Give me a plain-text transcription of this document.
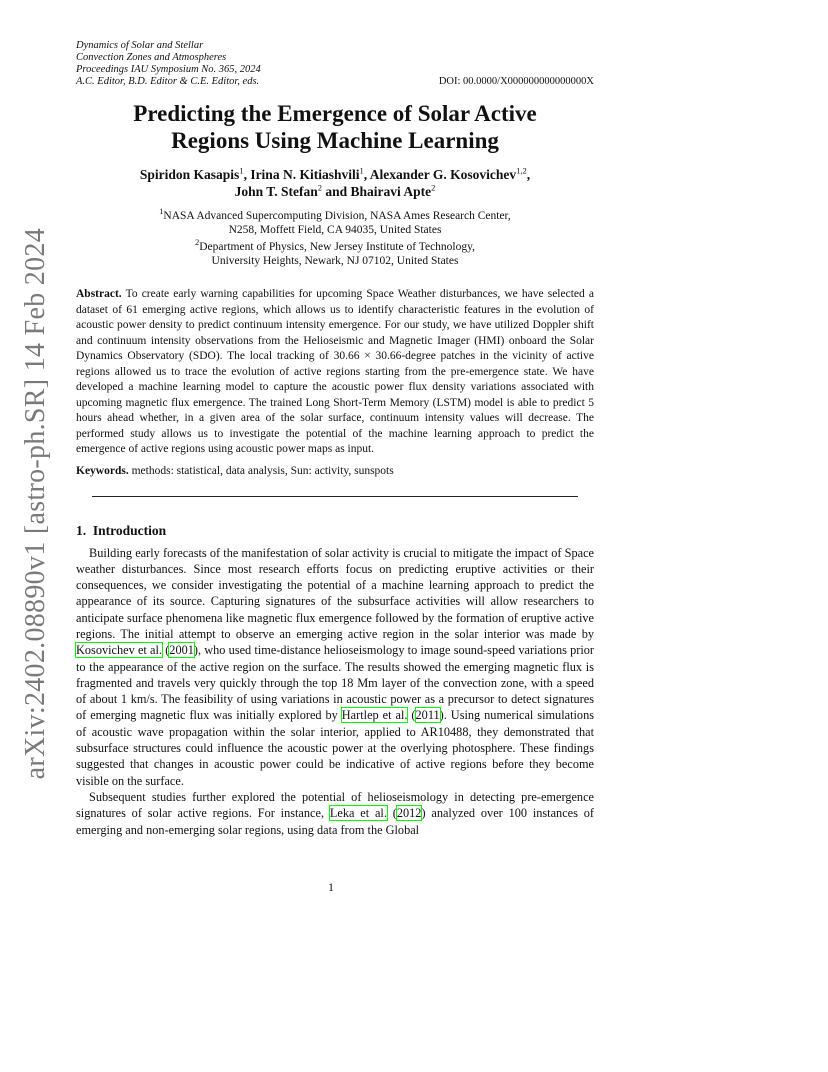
arXiv:2402.08890v1 [astro-ph.SR] 14 Feb 2024
Dynamics of Solar and Stellar
Convection Zones and Atmospheres
Proceedings IAU Symposium No. 365, 2024
A.C. Editor, B.D. Editor & C.E. Editor, eds.	DOI: 00.0000/X000000000000000X
Predicting the Emergence of Solar Active
Regions Using Machine Learning
Spiridon Kasapis$^1$, Irina N. Kitiashvili$^1$, Alexander G. Kosovichev$^{1,2}$,
John T. Stefan$^2$ and Bhairavi Apte$^2$
$^1$NASA Advanced Supercomputing Division, NASA Ames Research Center,
N258, Moffett Field, CA 94035, United States
$^2$Department of Physics, New Jersey Institute of Technology,
University Heights, Newark, NJ 07102, United States
Abstract. To create early warning capabilities for upcoming Space Weather disturbances, we have selected a dataset of 61 emerging active regions, which allows us to identify characteristic features in the evolution of acoustic power density to predict continuum intensity emergence. For our study, we have utilized Doppler shift and continuum intensity observations from the Helioseismic and Magnetic Imager (HMI) onboard the Solar Dynamics Observatory (SDO). The local tracking of 30.66 × 30.66-degree patches in the vicinity of active regions allowed us to trace the evolution of active regions starting from the pre-emergence state. We have developed a machine learning model to capture the acoustic power flux density variations associated with upcoming magnetic flux emergence. The trained Long Short-Term Memory (LSTM) model is able to predict 5 hours ahead whether, in a given area of the solar surface, continuum intensity values will decrease. The performed study allows us to investigate the potential of the machine learning approach to predict the emergence of active regions using acoustic power maps as input.
Keywords. methods: statistical, data analysis, Sun: activity, sunspots
1. Introduction

Building early forecasts of the manifestation of solar activity is crucial to mitigate the impact of Space weather disturbances. Since most research efforts focus on predicting eruptive activities or their consequences, we consider investigating the potential of a machine learning approach to predict the appearance of its source. Capturing signatures of the subsurface activities will allow researchers to anticipate surface phenomena like magnetic flux emergence followed by the formation of eruptive active regions. The initial attempt to observe an emerging active region in the solar interior was made by Kosovichev et al. (2001), who used time-distance helioseismology to image sound-speed variations prior to the appearance of the active region on the surface. The results showed the emerging magnetic flux is fragmented and travels very quickly through the top 18 Mm layer of the convection zone, with a speed of about 1 km/s. The feasibility of using variations in acoustic power as a precursor to detect signatures of emerging magnetic flux was initially explored by Hartlep et al. (2011). Using numerical simulations of acoustic wave propagation within the solar interior, applied to AR10488, they demonstrated that subsurface structures could influence the acoustic power at the overlying photosphere. These findings suggested that changes in acoustic power could be indicative of active regions before they become visible on the surface.

Subsequent studies further explored the potential of helioseismology in detecting pre-emergence signatures of solar active regions. For instance, Leka et al. (2012) analyzed over 100 instances of emerging and non-emerging solar regions, using data from the Global

1
